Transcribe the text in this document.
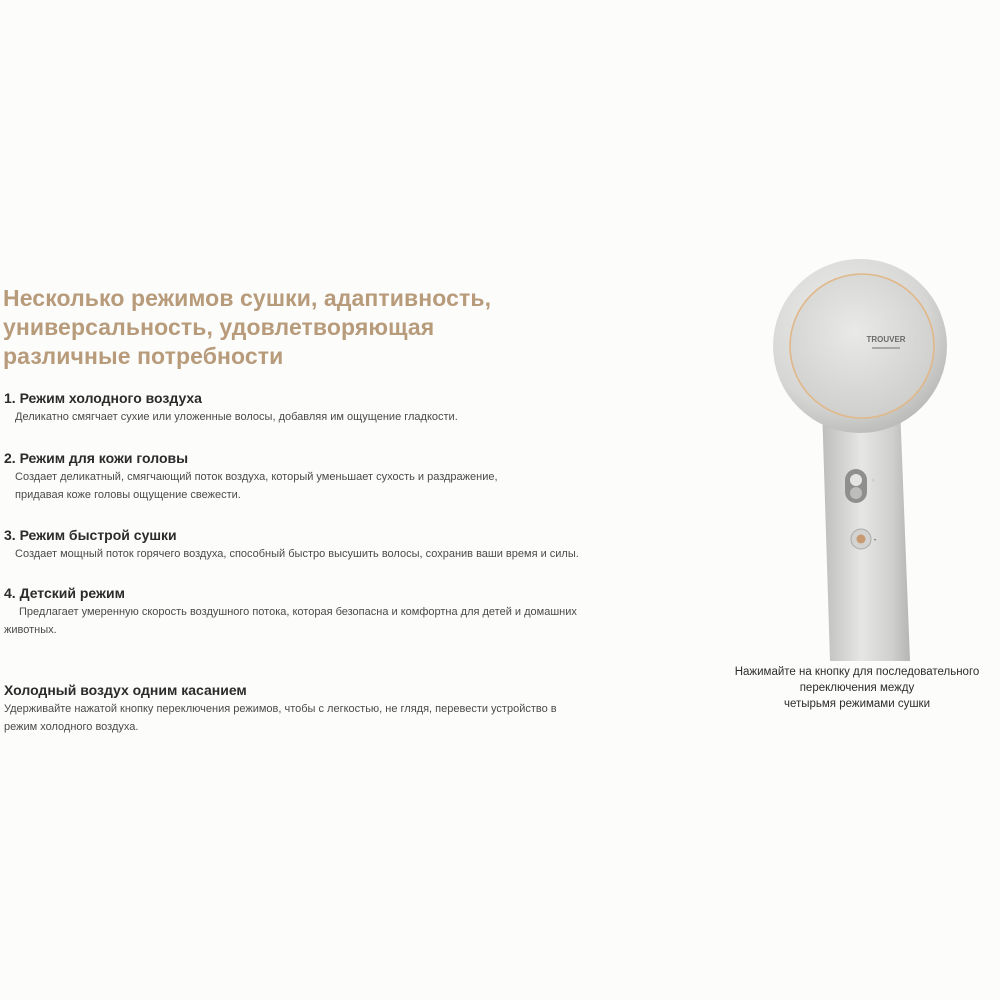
Несколько режимов сушки, адаптивность,
универсальность, удовлетворяющая
различные потребности
1. Режим холодного воздуха
Деликатно смягчает сухие или уложенные волосы, добавляя им ощущение гладкости.
2. Режим для кожи головы
Создает деликатный, смягчающий поток воздуха, который уменьшает сухость и раздражение,
придавая коже головы ощущение свежести.
3. Режим быстрой сушки
Создает мощный поток горячего воздуха, способный быстро высушить волосы, сохранив ваши время и силы.
4. Детский режим
Предлагает умеренную скорость воздушного потока, которая безопасна и комфортна для детей и домашних
животных.
Холодный воздух одним касанием
Удерживайте нажатой кнопку переключения режимов, чтобы с легкостью, не глядя, перевести устройство в
режим холодного воздуха.
TROUVER
⁘
•
Нажимайте на кнопку для последовательного
переключения между
четырьмя режимами сушки
